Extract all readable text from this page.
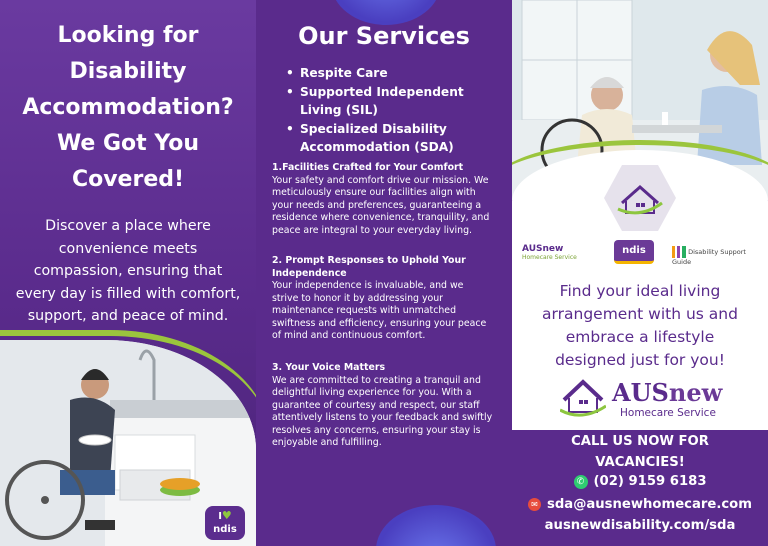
Looking for
Disability
Accommodation?
We Got You
Covered!
Discover a place where
convenience meets
compassion, ensuring that
every day is filled with comfort,
support, and peace of mind.
I♥
ndis
Our Services
• Respite Care
• Supported Independent
Living (SIL)
• Specialized Disability
Accommodation (SDA)
1.Facilities Crafted for Your Comfort
Your safety and comfort drive our mission. We
meticulously ensure our facilities align with
your needs and preferences, guaranteeing a
residence where convenience, tranquility, and
peace are integral to your everyday living.
2. Prompt Responses to Uphold Your
Independence
Your independence is invaluable, and we
strive to honor it by addressing your
maintenance requests with unmatched
swiftness and efficiency, ensuring your peace
of mind and continuous comfort.
3. Your Voice Matters
We are committed to creating a tranquil and
delightful living experience for you. With a
guarantee of courtesy and respect, our staff
attentively listens to your feedback and swiftly
resolves any concerns, ensuring your stay is
enjoyable and fulfilling.
AUSnew
Homecare Service
ndis	Disability Support Guide
Find your ideal living
arrangement with us and
embrace a lifestyle
designed just for you!
AUSnew
Homecare Service
CALL US NOW FOR
VACANCIES!
✆ (02) 9159 6183
✉ sda@ausnewhomecare.com
ausnewdisability.com/sda
